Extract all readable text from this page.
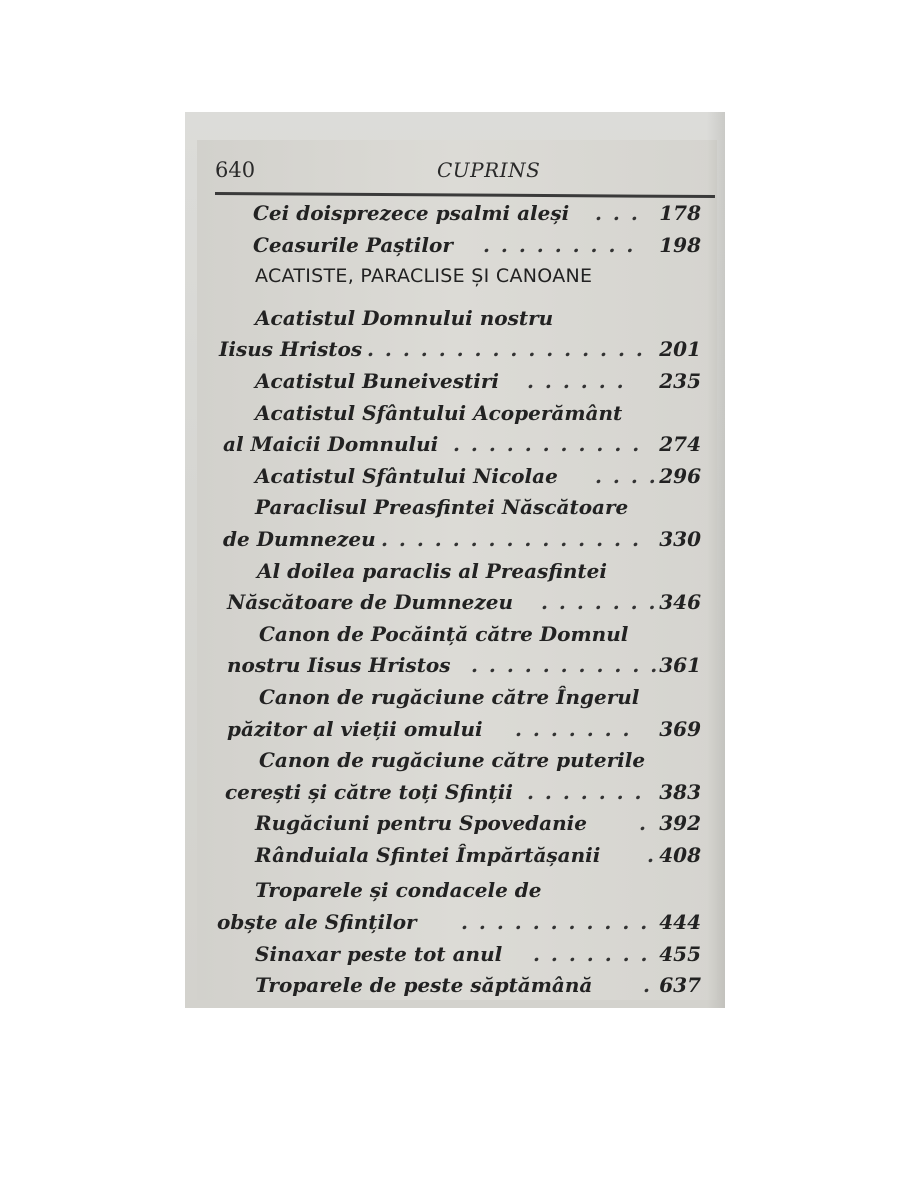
640	CUPRINS
Cei doisprezece psalmi aleși . . . 178
Ceasurile Paștilor . . . . . . . . . 198
ACATISTE, PARACLISE ȘI CANOANE
Acatistul Domnului nostru
Iisus Hristos . . . . . . . . . . . . . . . . 201
Acatistul Buneivestiri . . . . . . 235
Acatistul Sfântului Acoperământ
al Maicii Domnului . . . . . . . . . . . 274
Acatistul Sfântului Nicolae . . . . 296
Paraclisul Preasfintei Născătoare
de Dumnezeu . . . . . . . . . . . . . . . 330
Al doilea paraclis al Preasfintei
Născătoare de Dumnezeu . . . . . . . 346
Canon de Pocăință către Domnul
nostru Iisus Hristos . . . . . . . . . . . 361
Canon de rugăciune către Îngerul
păzitor al vieții omului . . . . . . . 369
Canon de rugăciune către puterile
cerești și către toți Sfinții . . . . . . . 383
Rugăciuni pentru Spovedanie	. 392
Rânduiala Sfintei Împărtășanii . 408
Troparele și condacele de
obște ale Sfinților . . . . . . . . . . . 444
Sinaxar peste tot anul . . . . . . . 455
Troparele de peste săptămână	. 637
